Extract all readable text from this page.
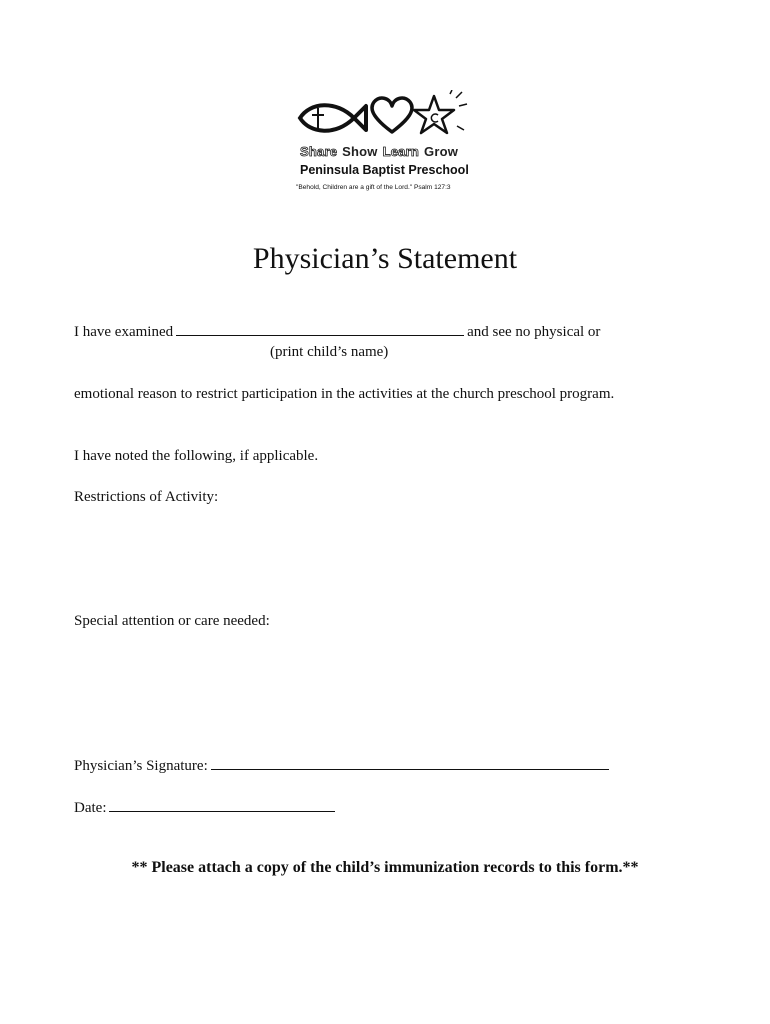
Share Show Learn Grow
Peninsula Baptist Preschool
"Behold, Children are a gift of the Lord." Psalm 127:3
Physician’s Statement
I have examined	and see no physical or
(print child’s name)
emotional reason to restrict participation in the activities at the church preschool program.
I have noted the following, if applicable.
Restrictions of Activity:
Special attention or care needed:
Physician’s Signature:
Date:
** Please attach a copy of the child’s immunization records to this form.**
